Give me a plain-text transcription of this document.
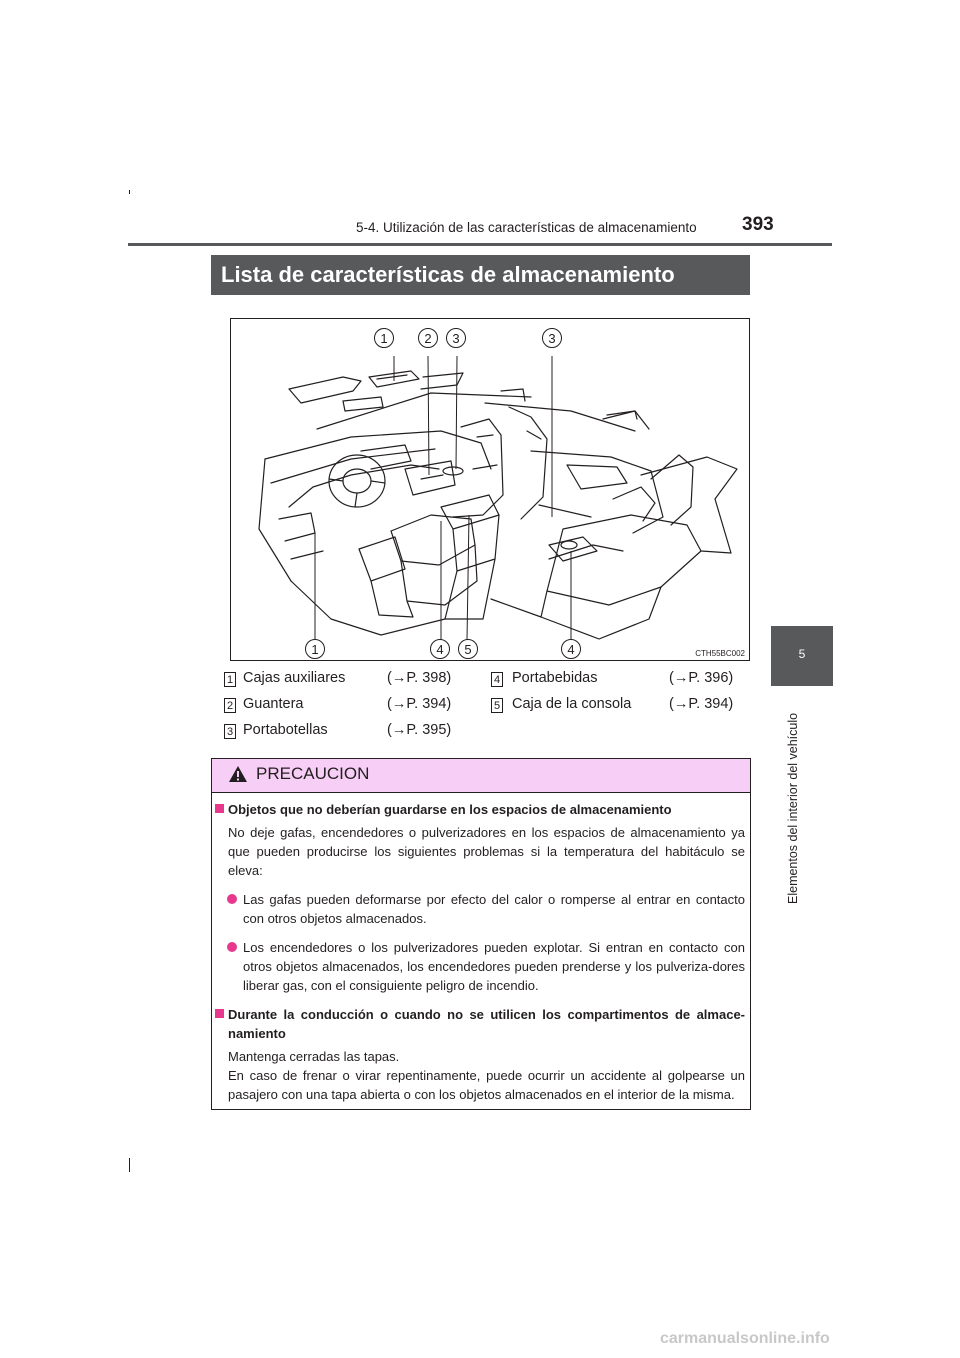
5-4. Utilización de las características de almacenamiento 393
5
Elementos del interior del vehículo
Lista de características de almacenamiento
1	2	3	3
1	4	5	4	CTH55BC002
1 Cajas auxiliares	(→P. 398)
2 Guantera	(→P. 394)
3 Portabotellas	(→P. 395)
4 Portabebidas	(→P. 396)
5 Caja de la consola	(→P. 394)
PRECAUCION
Objetos que no deberían guardarse en los espacios de almacenamiento
No deje gafas, encendedores o pulverizadores en los espacios de almacenamiento ya que pueden producirse los siguientes problemas si la temperatura del habitáculo se eleva:
Las gafas pueden deformarse por efecto del calor o romperse al entrar en contacto con otros objetos almacenados.
Los encendedores o los pulverizadores pueden explotar. Si entran en contacto con otros objetos almacenados, los encendedores pueden prenderse y los pulveriza-dores liberar gas, con el consiguiente peligro de incendio.
Durante la conducción o cuando no se utilicen los compartimentos de almace-namiento
Mantenga cerradas las tapas.
En caso de frenar o virar repentinamente, puede ocurrir un accidente al golpearse un pasajero con una tapa abierta o con los objetos almacenados en el interior de la misma.
carmanualsonline.info
